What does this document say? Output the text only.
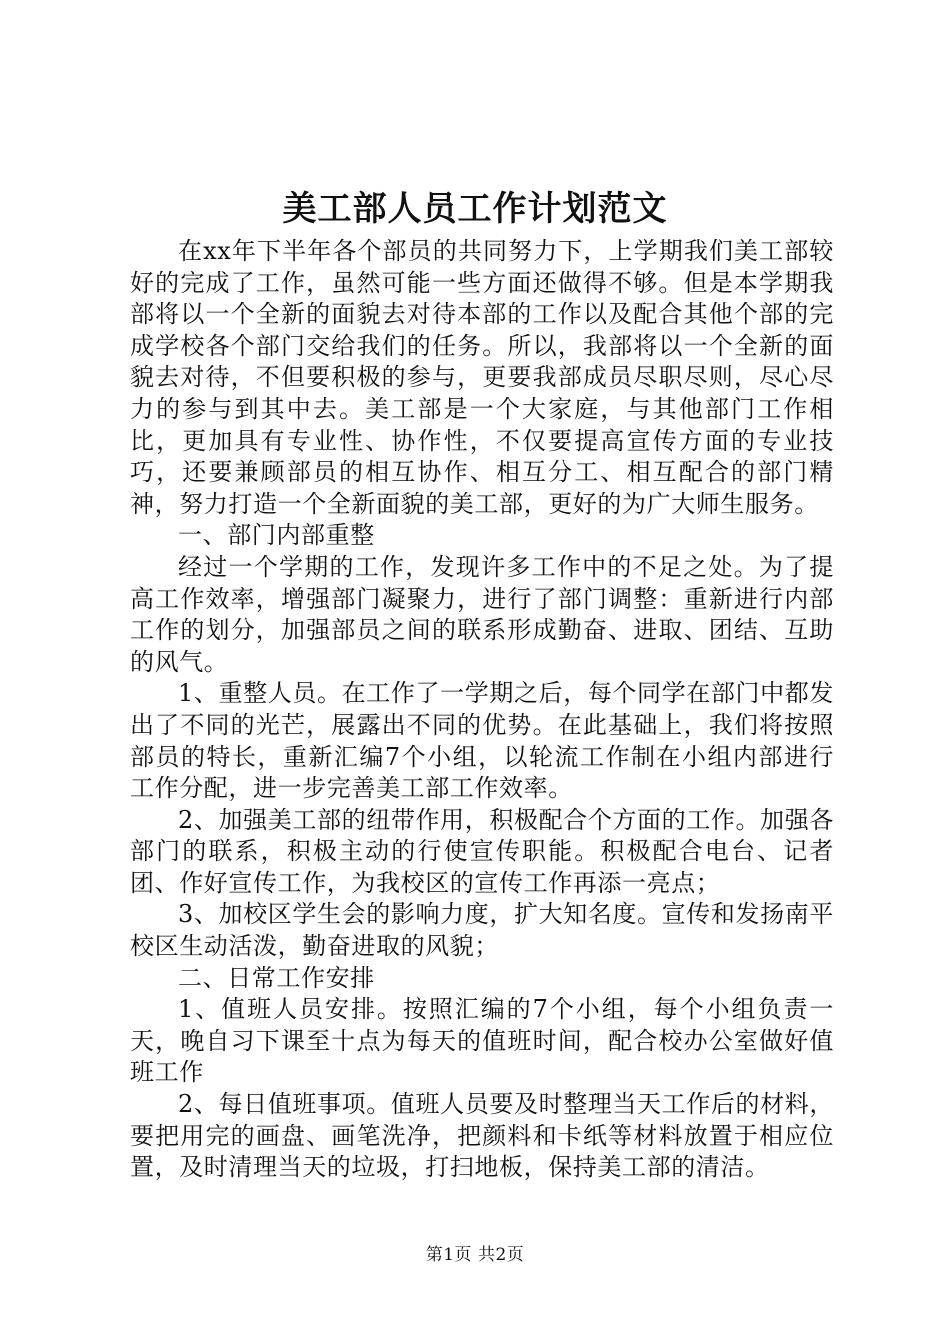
美工部人员工作计划范文

在xx年下半年各个部员的共同努力下，上学期我们美工部较好的完成了工作，虽然可能一些方面还做得不够。但是本学期我部将以一个全新的面貌去对待本部的工作以及配合其他个部的完成学校各个部门交给我们的任务。所以，我部将以一个全新的面貌去对待，不但要积极的参与，更要我部成员尽职尽则，尽心尽力的参与到其中去。美工部是一个大家庭，与其他部门工作相比，更加具有专业性、协作性，不仅要提高宣传方面的专业技巧，还要兼顾部员的相互协作、相互分工、相互配合的部门精神，努力打造一个全新面貌的美工部，更好的为广大师生服务。

一、部门内部重整

经过一个学期的工作，发现许多工作中的不足之处。为了提高工作效率，增强部门凝聚力，进行了部门调整：重新进行内部工作的划分，加强部员之间的联系形成勤奋、进取、团结、互助的风气。

1、重整人员。在工作了一学期之后，每个同学在部门中都发出了不同的光芒，展露出不同的优势。在此基础上，我们将按照部员的特长，重新汇编7个小组，以轮流工作制在小组内部进行工作分配，进一步完善美工部工作效率。

2、加强美工部的纽带作用，积极配合个方面的工作。加强各部门的联系，积极主动的行使宣传职能。积极配合电台、记者团、作好宣传工作，为我校区的宣传工作再添一亮点；

3、加校区学生会的影响力度，扩大知名度。宣传和发扬南平校区生动活泼，勤奋进取的风貌；

二、日常工作安排

1、值班人员安排。按照汇编的7个小组，每个小组负责一天，晚自习下课至十点为每天的值班时间，配合校办公室做好值班工作

2、每日值班事项。值班人员要及时整理当天工作后的材料，要把用完的画盘、画笔洗净，把颜料和卡纸等材料放置于相应位置，及时清理当天的垃圾，打扫地板，保持美工部的清洁。

第1页 共2页
